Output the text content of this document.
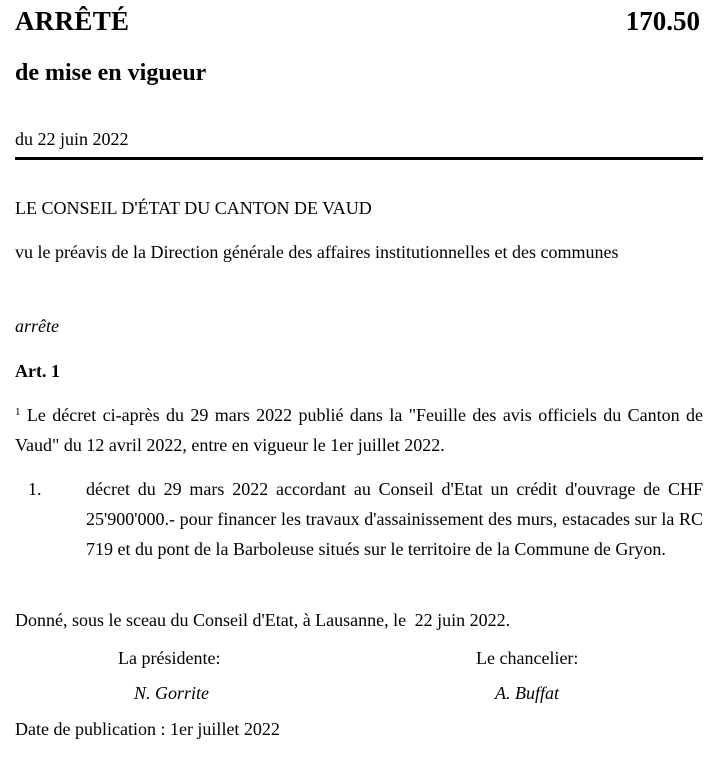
ARRÊTÉ	170.50
de mise en vigueur
du 22 juin 2022
LE CONSEIL D'ÉTAT DU CANTON DE VAUD
vu le préavis de la Direction générale des affaires institutionnelles et des communes
arrête
Art. 1
$^1$ Le décret ci-après du 29 mars 2022 publié dans la "Feuille des avis officiels du Canton de Vaud" du 12 avril 2022, entre en vigueur le 1er juillet 2022.
1. décret du 29 mars 2022 accordant au Conseil d'Etat un crédit d'ouvrage de CHF 25'900'000.- pour financer les travaux d'assainissement des murs, estacades sur la RC 719 et du pont de la Barboleuse situés sur le territoire de la Commune de Gryon.
Donné, sous le sceau du Conseil d'Etat, à Lausanne, le 22 juin 2022.
La présidente:	Le chancelier:
N. Gorrite	A. Buffat
Date de publication : 1er juillet 2022
